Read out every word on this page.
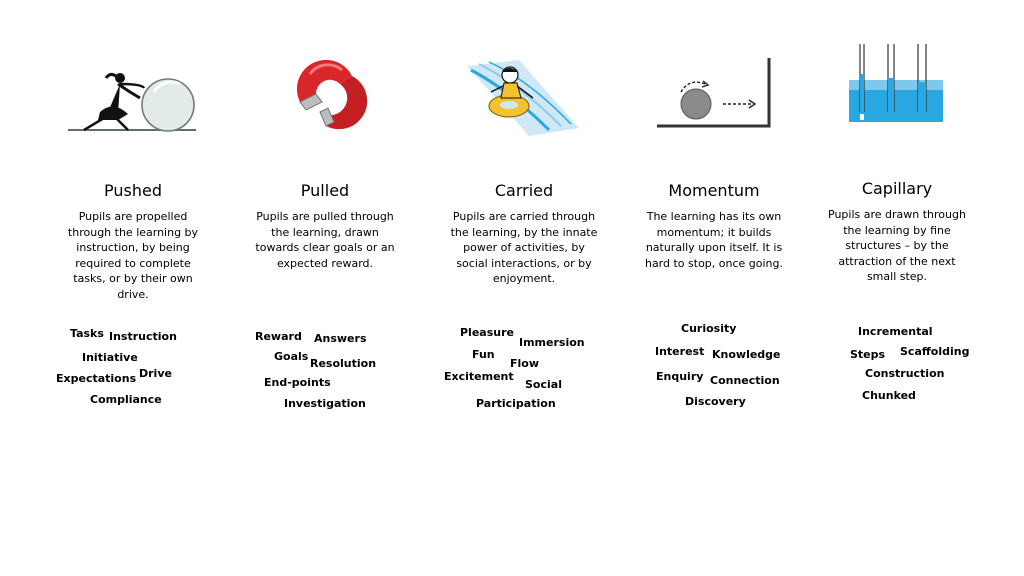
Pushed
Pupils are propelled through the learning by instruction, by being required to complete tasks, or by their own drive.
Tasks Instruction
Initiative
Expectations Drive
Compliance
Pulled
Pupils are pulled through the learning, drawn towards clear goals or an expected reward.
Reward Answers
Goals
Resolution
End-points
Investigation
Carried
Pupils are carried through the learning, by the innate power of activities, by social interactions, or by enjoyment.
Pleasure
Immersion
Fun
Flow
Excitement
Social
Participation
Momentum
The learning has its own momentum; it builds naturally upon itself. It is hard to stop, once going.
Curiosity
Interest Knowledge
Enquiry Connection
Discovery
Capillary
Pupils are drawn through the learning by fine structures – by the attraction of the next small step.
Incremental
Steps Scaffolding
Construction
Chunked
